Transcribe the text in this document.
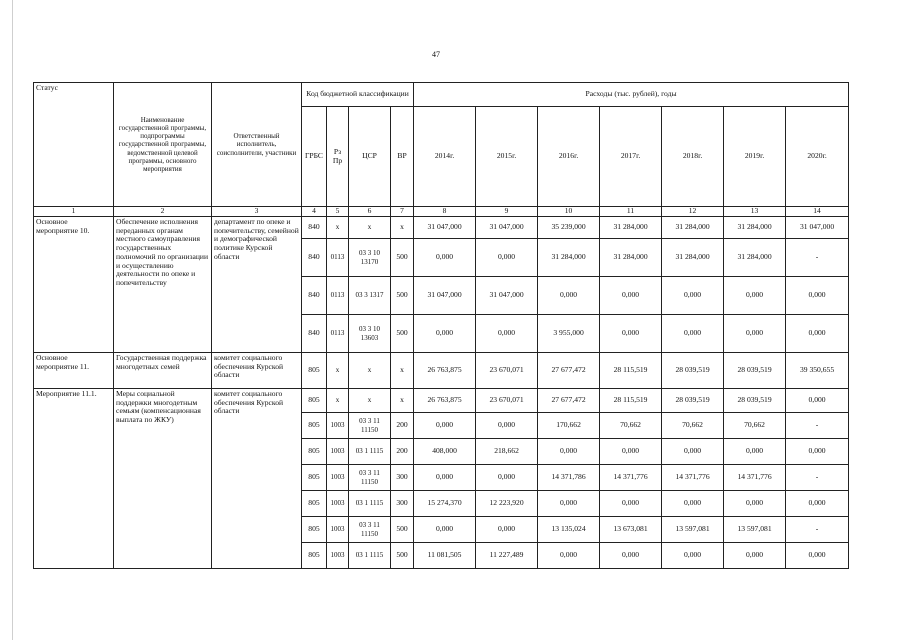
47
Статус	Наименование государственной программы, подпрограммы государственной программы, ведомственной целевой программы, основного мероприятия	Ответственный исполнитель, соисполнители, участники	Код бюджетной классификации				Расходы (тыс. рублей), годы						
			ГРБС	Рз Пр	ЦСР	ВР	2014г.	2015г.	2016г.	2017г.	2018г.	2019г.	2020г.
1	2	3	4	5	6	7	8	9	10	11	12	13	14
Основное мероприятие 10.	Обеспечение исполнения переданных органам местного самоуправления государственных полномочий по организации и осуществлению деятельности по опеке и попечительству	департамент по опеке и попечительству, семейной и демографической политике Курской области	840	x	x	x	31 047,000	31 047,000	35 239,000	31 284,000	31 284,000	31 284,000	31 047,000
			840	0113	03 3 10 13170	500	0,000	0,000	31 284,000	31 284,000	31 284,000	31 284,000	-
			840	0113	03 3 1317	500	31 047,000	31 047,000	0,000	0,000	0,000	0,000	0,000
			840	0113	03 3 10 13603	500	0,000	0,000	3 955,000	0,000	0,000	0,000	0,000
Основное мероприятие 11.	Государственная поддержка многодетных семей	комитет социального обеспечения Курской области	805	x	x	x	26 763,875	23 670,071	27 677,472	28 115,519	28 039,519	28 039,519	39 350,655
Мероприятие 11.1.	Меры социальной поддержки многодетным семьям (компенсационная выплата по ЖКУ)	комитет социального обеспечения Курской области	805	x	x	x	26 763,875	23 670,071	27 677,472	28 115,519	28 039,519	28 039,519	0,000
			805	1003	03 3 11 11150	200	0,000	0,000	170,662	70,662	70,662	70,662	-
			805	1003	03 1 1115	200	408,000	218,662	0,000	0,000	0,000	0,000	0,000
			805	1003	03 3 11 11150	300	0,000	0,000	14 371,786	14 371,776	14 371,776	14 371,776	-
			805	1003	03 1 1115	300	15 274,370	12 223,920	0,000	0,000	0,000	0,000	0,000
			805	1003	03 3 11 11150	500	0,000	0,000	13 135,024	13 673,081	13 597,081	13 597,081	-
			805	1003	03 1 1115	500	11 081,505	11 227,489	0,000	0,000	0,000	0,000	0,000
